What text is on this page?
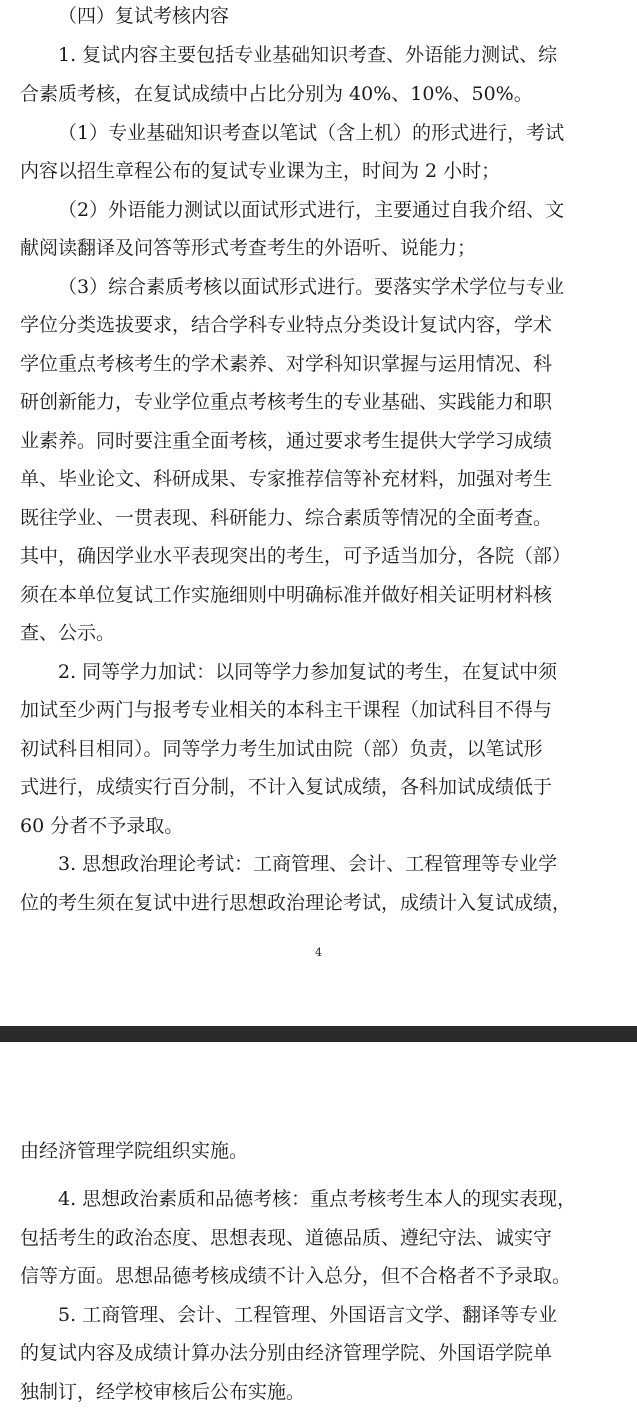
（四）复试考核内容
1. 复试内容主要包括专业基础知识考查、外语能力测试、综
合素质考核，在复试成绩中占比分别为 40%、10%、50%。
（1）专业基础知识考查以笔试（含上机）的形式进行，考试
内容以招生章程公布的复试专业课为主，时间为 2 小时；
（2）外语能力测试以面试形式进行，主要通过自我介绍、文
献阅读翻译及问答等形式考查考生的外语听、说能力；
（3）综合素质考核以面试形式进行。要落实学术学位与专业
学位分类选拔要求，结合学科专业特点分类设计复试内容，学术
学位重点考核考生的学术素养、对学科知识掌握与运用情况、科
研创新能力，专业学位重点考核考生的专业基础、实践能力和职
业素养。同时要注重全面考核，通过要求考生提供大学学习成绩
单、毕业论文、科研成果、专家推荐信等补充材料，加强对考生
既往学业、一贯表现、科研能力、综合素质等情况的全面考查。
其中，确因学业水平表现突出的考生，可予适当加分，各院（部）
须在本单位复试工作实施细则中明确标准并做好相关证明材料核
查、公示。
2. 同等学力加试：以同等学力参加复试的考生，在复试中须
加试至少两门与报考专业相关的本科主干课程（加试科目不得与
初试科目相同）。同等学力考生加试由院（部）负责，以笔试形
式进行，成绩实行百分制，不计入复试成绩，各科加试成绩低于
60 分者不予录取。
3. 思想政治理论考试：工商管理、会计、工程管理等专业学
位的考生须在复试中进行思想政治理论考试，成绩计入复试成绩，
4
由经济管理学院组织实施。
4. 思想政治素质和品德考核：重点考核考生本人的现实表现，
包括考生的政治态度、思想表现、道德品质、遵纪守法、诚实守
信等方面。思想品德考核成绩不计入总分，但不合格者不予录取。
5. 工商管理、会计、工程管理、外国语言文学、翻译等专业
的复试内容及成绩计算办法分别由经济管理学院、外国语学院单
独制订，经学校审核后公布实施。
